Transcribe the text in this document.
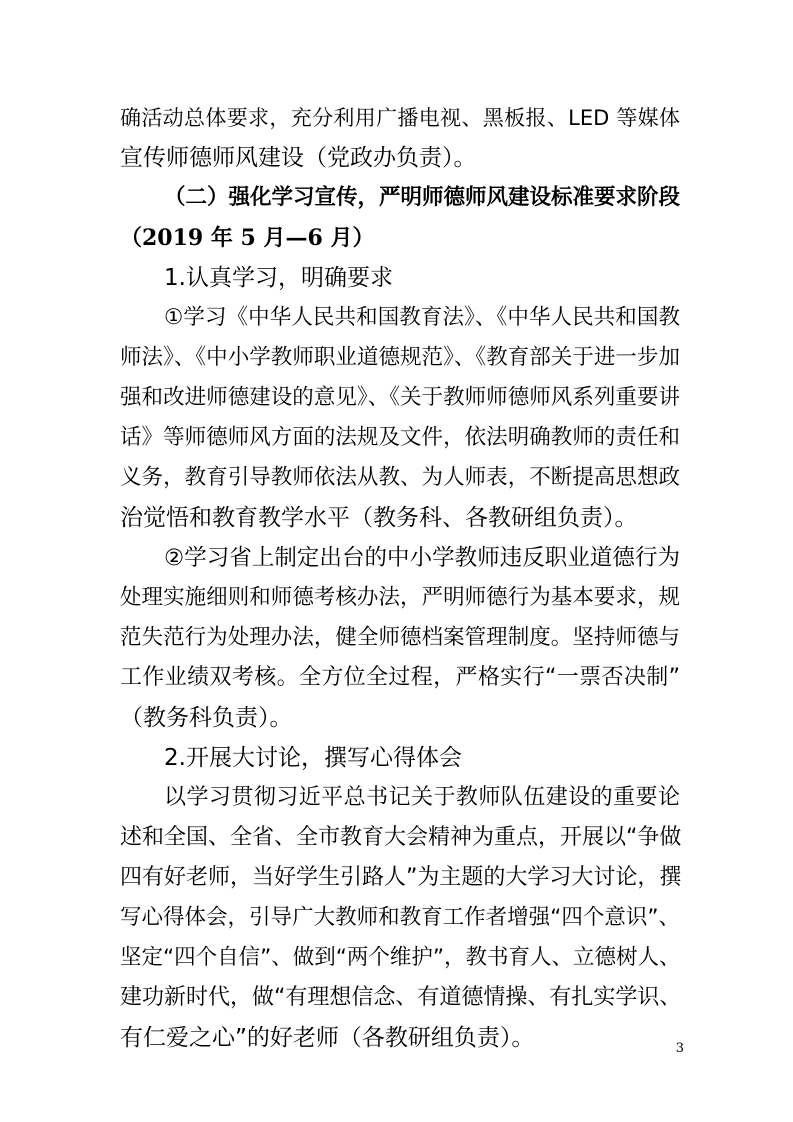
确活动总体要求，充分利用广播电视、黑板报、LED 等媒体
宣传师德师风建设（党政办负责）。
（二）强化学习宣传，严明师德师风建设标准要求阶段
（2019 年 5 月—6 月）
1.认真学习，明确要求
①学习《中华人民共和国教育法》、《中华人民共和国教
师法》、《中小学教师职业道德规范》、《教育部关于进一步加
强和改进师德建设的意见》、《关于教师师德师风系列重要讲
话》等师德师风方面的法规及文件，依法明确教师的责任和
义务，教育引导教师依法从教、为人师表，不断提高思想政
治觉悟和教育教学水平（教务科、各教研组负责）。
②学习省上制定出台的中小学教师违反职业道德行为
处理实施细则和师德考核办法，严明师德行为基本要求，规
范失范行为处理办法，健全师德档案管理制度。坚持师德与
工作业绩双考核。全方位全过程，严格实行“一票否决制”
（教务科负责）。
2.开展大讨论，撰写心得体会
以学习贯彻习近平总书记关于教师队伍建设的重要论
述和全国、全省、全市教育大会精神为重点，开展以“争做
四有好老师，当好学生引路人”为主题的大学习大讨论，撰
写心得体会，引导广大教师和教育工作者增强“四个意识”、
坚定“四个自信”、做到“两个维护”，教书育人、立德树人、
建功新时代，做“有理想信念、有道德情操、有扎实学识、
有仁爱之心”的好老师（各教研组负责）。	3
